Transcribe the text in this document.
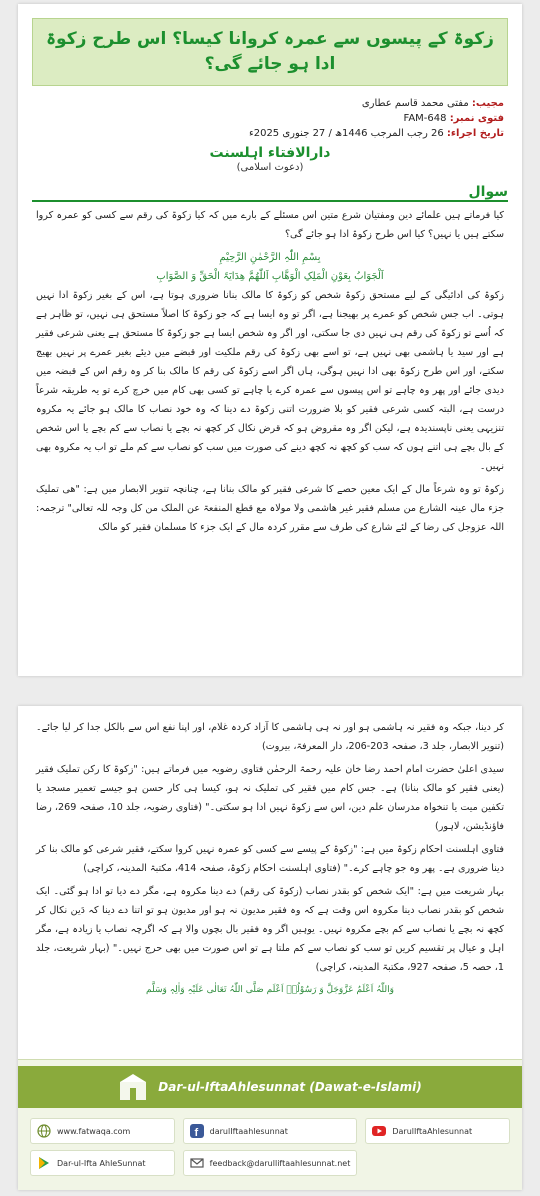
زکوۃ کے پیسوں سے عمرہ کروانا کیسا؟ اس طرح زکوۃ ادا ہو جائے گی؟
مجیب: مفتی محمد قاسم عطاری
فتوی نمبر: FAM-648
تاریخ اجراء: 26 رجب المرجب 1446ھ / 27 جنوری 2025ء
دارالافتاء اہلسنت
(دعوت اسلامی)
سوال
کیا فرماتے ہیں علمائے دین ومفتیان شرع متین اس مسئلے کے بارے میں کہ کیا زکوۃ کی رقم سے کسی کو عمرہ کروا سکتے ہیں یا نہیں؟ کیا اس طرح زکوۃ ادا ہو جائے گی؟
بِسْمِ اللّٰہِ الرَّحْمٰنِ الرَّحِیْمِ
اَلْجَوَابُ بِعَوْنِ الْمَلِکِ الْوَھَّابِ اَللّٰھُمَّ ھِدَایَۃَ الْحَقِّ وَ الصَّوَابِ
زکوۃ کی ادائیگی کے لیے مستحق زکوۃ شخص کو زکوۃ کا مالک بنانا ضروری ہوتا ہے، اس کے بغیر زکوۃ ادا نہیں ہوتی۔ اب جس شخص کو عمرے پر بھیجنا ہے، اگر تو وہ ایسا ہے کہ جو زکوۃ کا اصلاً مستحق ہی نہیں، تو ظاہر ہے کہ اُسے تو زکوۃ کی رقم ہی نہیں دی جا سکتی، اور اگر وہ شخص ایسا ہے جو زکوۃ کا مستحق ہے یعنی شرعی فقیر ہے اور سید یا ہاشمی بھی نہیں ہے، تو اسے بھی زکوۃ کی رقم ملکیت اور قبضے میں دیئے بغیر عمرے پر نہیں بھیج سکتے، اور اس طرح زکوۃ بھی ادا نہیں ہوگی، ہاں اگر اسے زکوۃ کی رقم کا مالک بنا کر وہ رقم اس کے قبضہ میں دیدی جائے اور پھر وہ چاہے تو اس پیسوں سے عمرہ کرے یا چاہے تو کسی بھی کام میں خرچ کرے تو یہ طریقہ شرعاً درست ہے، البتہ کسی شرعی فقیر کو بلا ضرورت اتنی زکوۃ دے دینا کہ وہ خود نصاب کا مالک ہو جائے یہ مکروہ تنزیہی یعنی ناپسندیدہ ہے، لیکن اگر وہ مقروض ہو کہ قرض نکال کر کچھ نہ بچے یا نصاب سے کم بچے یا اس شخص کے بال بچے ہی اتنے ہوں کہ سب کو کچھ نہ کچھ دینے کی صورت میں سب کو نصاب سے کم ملے تو اب یہ مکروہ بھی نہیں۔
زکوۃ تو وہ شرعاً مال کے ایک معین حصے کا شرعی فقیر کو مالک بنانا ہے، چنانچہ تنویر الابصار میں ہے: "ھی تملیک جزء مال عینہ الشارع من مسلم فقیر غیر ھاشمی ولا مولاہ مع قطع المنفعۃ عن الملک من کل وجہ للہ تعالی" ترجمہ: اللہ عزوجل کی رضا کے لئے شارع کی طرف سے مقرر کردہ مال کے ایک جزء کا مسلمان فقیر کو مالک
کر دینا، جبکہ وہ فقیر نہ ہاشمی ہو اور نہ ہی ہاشمی کا آزاد کردہ غلام، اور اپنا نفع اس سے بالکل جدا کر لیا جائے۔ (تنویر الابصار، جلد 3، صفحہ 203-206، دار المعرفۃ، بیروت)
سیدی اعلیٰ حضرت امام احمد رضا خان علیہ رحمۃ الرحمٰن فتاوی رضویہ میں فرماتے ہیں: "زکوۃ کا رکن تملیک فقیر (یعنی فقیر کو مالک بنانا) ہے۔ جس کام میں فقیر کی تملیک نہ ہو، کیسا ہی کار حسن ہو جیسے تعمیر مسجد یا تکفین میت یا تنخواہ مدرسان علم دین، اس سے زکوۃ نہیں ادا ہو سکتی۔" (فتاوی رضویہ، جلد 10، صفحہ 269، رضا فاؤنڈیشن، لاہور)
فتاوی اہلسنت احکام زکوۃ میں ہے: "زکوۃ کے پیسے سے کسی کو عمرہ نہیں کروا سکتے، فقیر شرعی کو مالک بنا کر دینا ضروری ہے۔ پھر وہ جو چاہے کرے۔" (فتاوی اہلسنت احکام زکوۃ، صفحہ 414، مکتبۃ المدینہ، کراچی)
بہار شریعت میں ہے: "ایک شخص کو بقدر نصاب (زکوۃ کی رقم) دے دینا مکروہ ہے، مگر دے دیا تو ادا ہو گئی۔ ایک شخص کو بقدر نصاب دینا مکروہ اس وقت ہے کہ وہ فقیر مدیون نہ ہو اور مدیون ہو تو اتنا دے دینا کہ دَین نکال کر کچھ نہ بچے یا نصاب سے کم بچے مکروہ نہیں۔ یوہیں اگر وہ فقیر بال بچوں والا ہے کہ اگرچہ نصاب یا زیادہ ہے، مگر اہل و عیال پر تقسیم کریں تو سب کو نصاب سے کم ملتا ہے تو اس صورت میں بھی حرج نہیں۔" (بہار شریعت، جلد 1، حصہ 5، صفحہ 927، مکتبۃ المدینہ، کراچی)
وَاللّٰہُ اَعْلَمُ عَزَّوَجَلَّ وَ رَسُوْلُہٗ اَعْلَم صَلَّی اللّٰہُ تَعَالٰی عَلَیْہِ وَاٰلِہٖ وَسَلَّم
Dar-ul-IftaAhlesunnat (Dawat-e-Islami)
www.fatwaqa.com	f darulIftaahlesunnat	DarulIftaAhlesunnat
Dar-ul-Ifta AhleSunnat	feedback@darulliftaahlesunnat.net
